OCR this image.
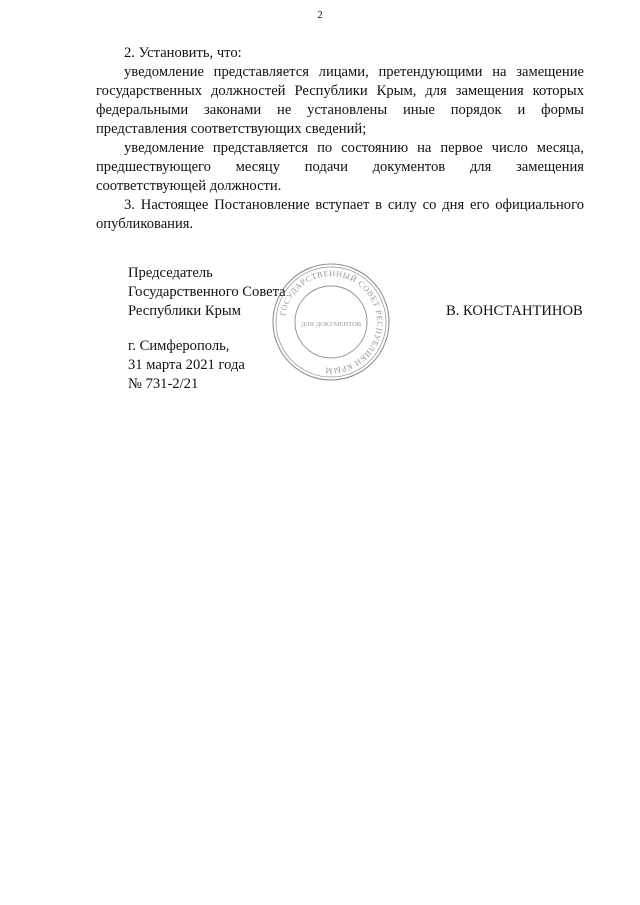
2

2. Установить, что:

уведомление представляется лицами, претендующими на замещение государственных должностей Республики Крым, для замещения которых федеральными законами не установлены иные порядок и формы представления соответствующих сведений;

уведомление представляется по состоянию на первое число месяца, предшествующего месяцу подачи документов для замещения соответствующей должности.

3. Настоящее Постановление вступает в силу со дня его официального опубликования.

Председатель
Государственного Совета
Республики Крым
г. Симферополь,
31 марта 2021 года
№ 731-2/21
В. КОНСТАНТИНОВ
ГОСУДАРСТВЕННЫЙ СОВЕТ РЕСПУБЛИКИ КРЫМ
ДЛЯ ДОКУМЕНТОВ
